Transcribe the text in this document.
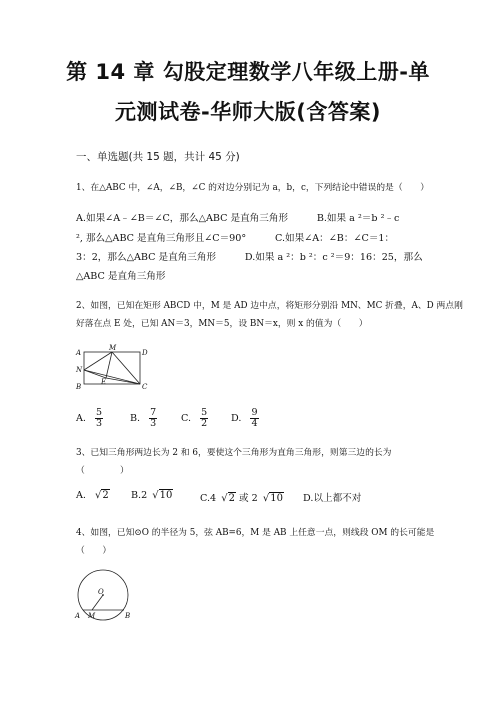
第 14 章 勾股定理数学八年级上册-单
元测试卷-华师大版(含答案)
一、单选题(共 15 题，共计 45 分)
1、在△ABC 中，∠A，∠B，∠C 的对边分别记为 a，b，c，下列结论中错误的是（　　）
A.如果∠A﹣∠B＝∠C，那么△ABC 是直角三角形　　　B.如果 a ²＝b ²﹣c
², 那么△ABC 是直角三角形且∠C＝90°　　　C.如果∠A：∠B：∠C＝1：
3：2，那么△ABC 是直角三角形　　　D.如果 a ²：b ²：c ²＝9：16：25，那么
△ABC 是直角三角形
2、如图，已知在矩形 ABCD 中，M 是 AD 边中点，将矩形分别沿 MN、MC 折叠，A、D 两点刚
好落在点 E 处，已知 AN＝3，MN＝5，设 BN＝x，则 x 的值为（　　）
A
M
D
N
E
B	C
A. $\frac{5}{3}$	B. $\frac{7}{3} C$. $\frac{5}{2} D$. $\frac{9}{4}$
3、已知三角形两边长为 2 和 6，要使这个三角形为直角三角形，则第三边的长为
（　　　　）
A. √2 B.2 √10	C.4 √2 或 2 √10 D.以上都不对
4、如图，已知⊙O 的半径为 5，弦 AB=6，M 是 AB 上任意一点，则线段 OM 的长可能是
（　　）
O
A M	B
